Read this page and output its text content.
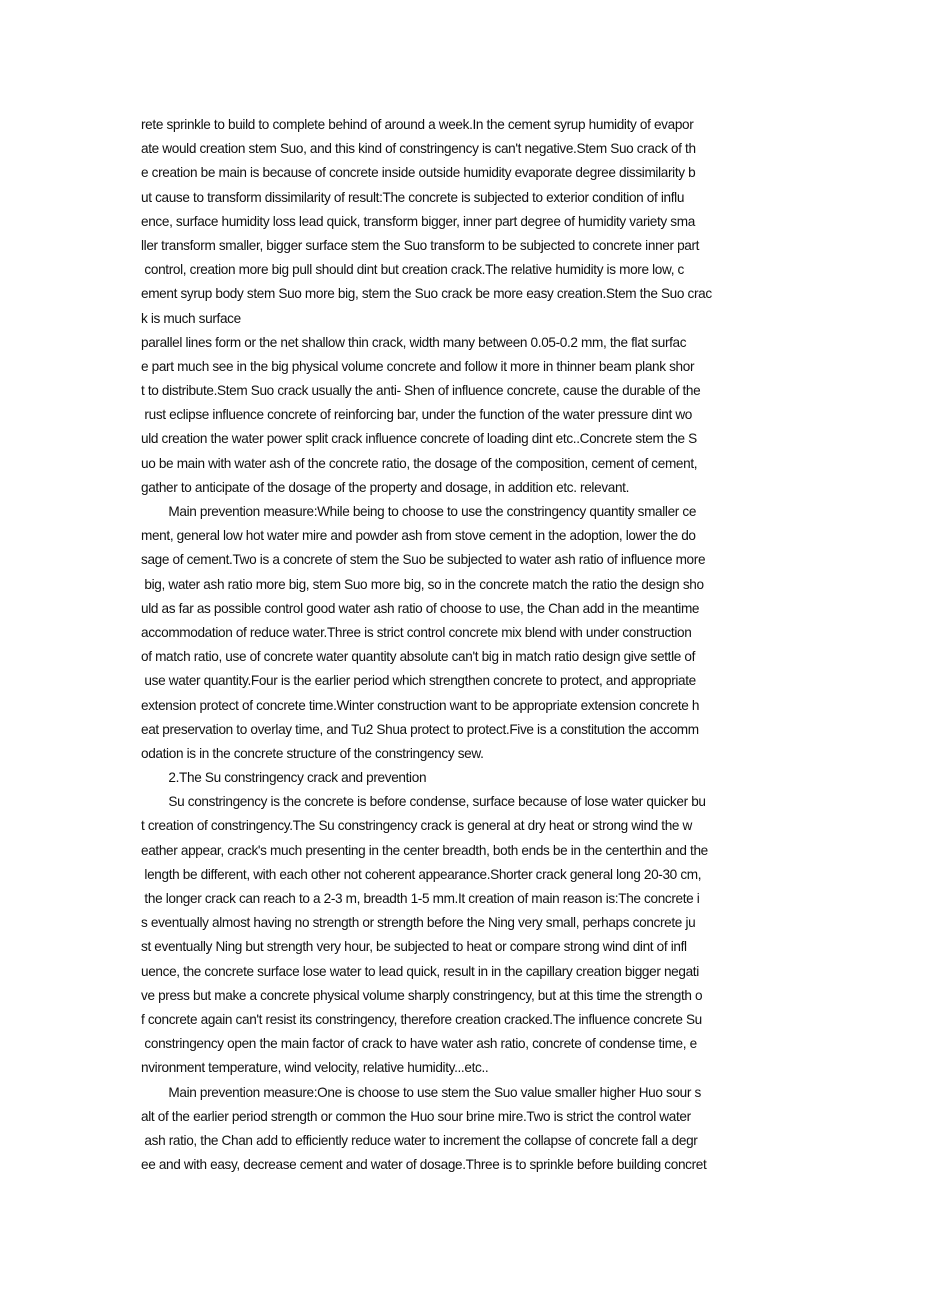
rete sprinkle to build to complete behind of around a week.In the cement syrup humidity of evapor
ate would creation stem Suo, and this kind of constringency is can't negative.Stem Suo crack of th
e creation be main is because of concrete inside outside humidity evaporate degree dissimilarity b
ut cause to transform dissimilarity of result:The concrete is subjected to exterior condition of influ
ence, surface humidity loss lead quick, transform bigger, inner part degree of humidity variety sma
ller transform smaller, bigger surface stem the Suo transform to be subjected to concrete inner part
control, creation more big pull should dint but creation crack.The relative humidity is more low, c
ement syrup body stem Suo more big, stem the Suo crack be more easy creation.Stem the Suo crac
k is much surface
parallel lines form or the net shallow thin crack, width many between 0.05-0.2 mm, the flat surfac
e part much see in the big physical volume concrete and follow it more in thinner beam plank shor
t to distribute.Stem Suo crack usually the anti- Shen of influence concrete, cause the durable of the
rust eclipse influence concrete of reinforcing bar, under the function of the water pressure dint wo
uld creation the water power split crack influence concrete of loading dint etc..Concrete stem the S
uo be main with water ash of the concrete ratio, the dosage of the composition, cement of cement,
gather to anticipate of the dosage of the property and dosage, in addition etc. relevant.
Main prevention measure:While being to choose to use the constringency quantity smaller ce
ment, general low hot water mire and powder ash from stove cement in the adoption, lower the do
sage of cement.Two is a concrete of stem the Suo be subjected to water ash ratio of influence more
big, water ash ratio more big, stem Suo more big, so in the concrete match the ratio the design sho
uld as far as possible control good water ash ratio of choose to use, the Chan add in the meantime
accommodation of reduce water.Three is strict control concrete mix blend with under construction
of match ratio, use of concrete water quantity absolute can't big in match ratio design give settle of
use water quantity.Four is the earlier period which strengthen concrete to protect, and appropriate
extension protect of concrete time.Winter construction want to be appropriate extension concrete h
eat preservation to overlay time, and Tu2 Shua protect to protect.Five is a constitution the accomm
odation is in the concrete structure of the constringency sew.
2.The Su constringency crack and prevention
Su constringency is the concrete is before condense, surface because of lose water quicker bu
t creation of constringency.The Su constringency crack is general at dry heat or strong wind the w
eather appear, crack's much presenting in the center breadth, both ends be in the centerthin and the
length be different, with each other not coherent appearance.Shorter crack general long 20-30 cm,
the longer crack can reach to a 2-3 m, breadth 1-5 mm.It creation of main reason is:The concrete i
s eventually almost having no strength or strength before the Ning very small, perhaps concrete ju
st eventually Ning but strength very hour, be subjected to heat or compare strong wind dint of infl
uence, the concrete surface lose water to lead quick, result in in the capillary creation bigger negati
ve press but make a concrete physical volume sharply constringency, but at this time the strength o
f concrete again can't resist its constringency, therefore creation cracked.The influence concrete Su
constringency open the main factor of crack to have water ash ratio, concrete of condense time, e
nvironment temperature, wind velocity, relative humidity...etc..
Main prevention measure:One is choose to use stem the Suo value smaller higher Huo sour s
alt of the earlier period strength or common the Huo sour brine mire.Two is strict the control water
ash ratio, the Chan add to efficiently reduce water to increment the collapse of concrete fall a degr
ee and with easy, decrease cement and water of dosage.Three is to sprinkle before building concret
